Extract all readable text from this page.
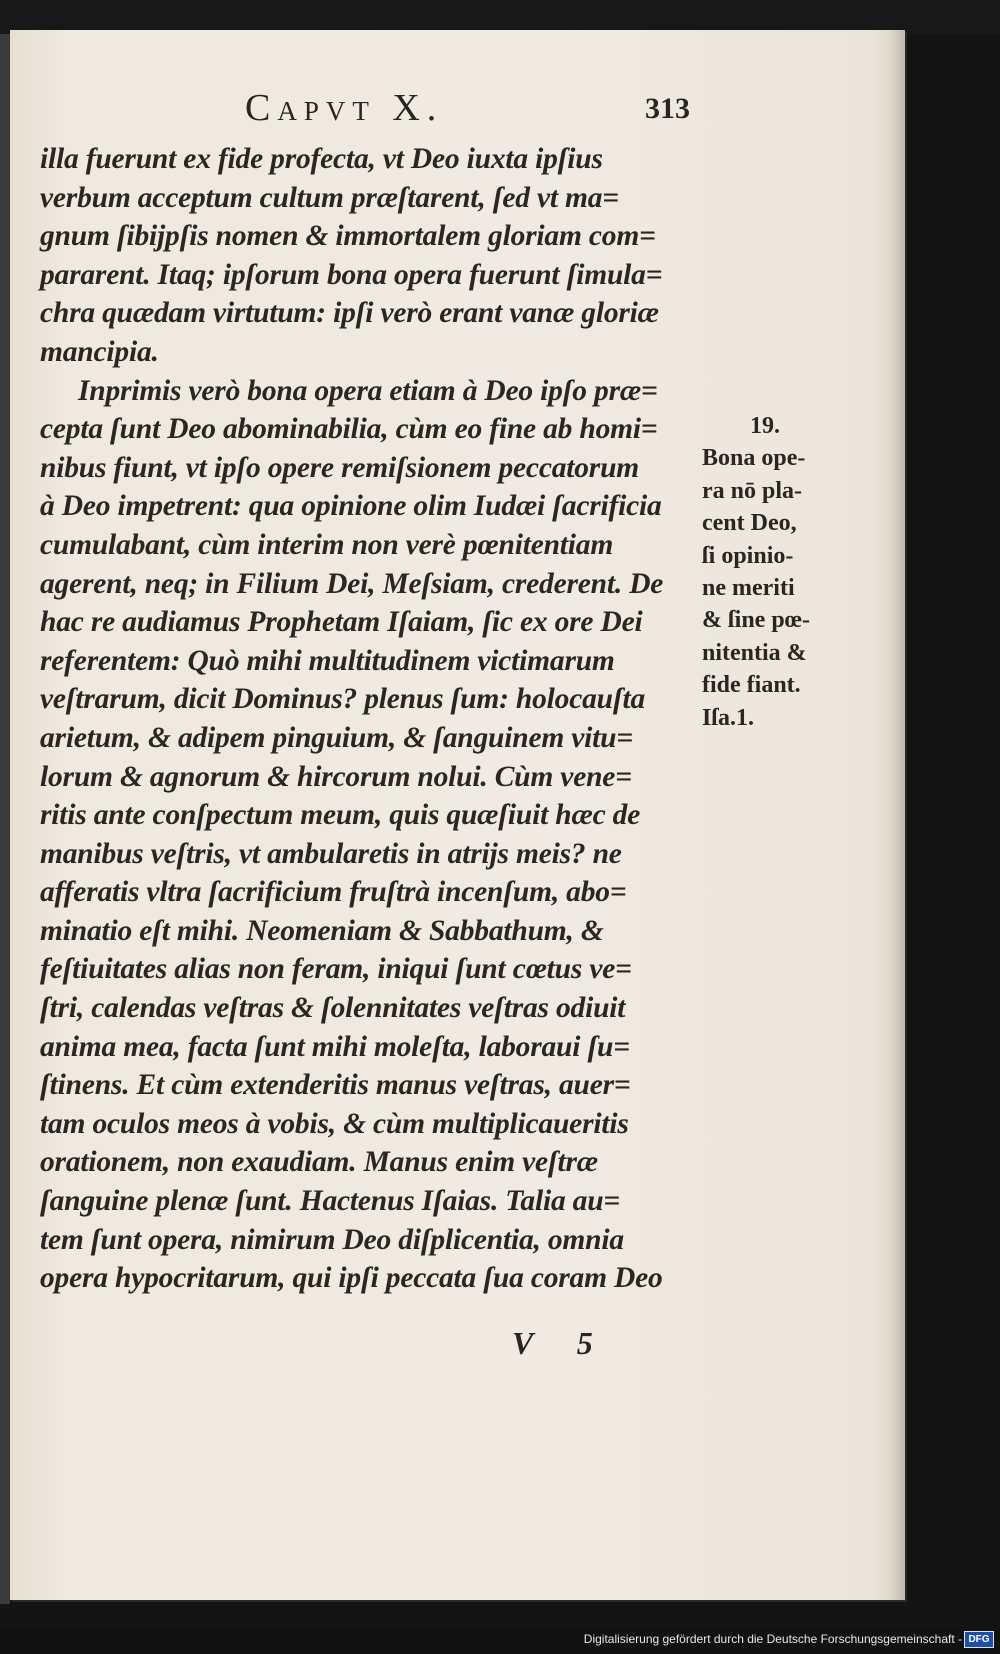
Capvt X.	313
illa fuerunt ex fide profecta, vt Deo iuxta ipſius
verbum acceptum cultum præſtarent, ſed vt ma=
gnum ſibijpſis nomen & immortalem gloriam com=
pararent. Itaq; ipſorum bona opera fuerunt ſimula=
chra quædam virtutum: ipſi verò erant vanæ gloriæ
mancipia.
Inprimis verò bona opera etiam à Deo ipſo præ=
cepta ſunt Deo abominabilia, cùm eo fine ab homi=
nibus fiunt, vt ipſo opere remiſsionem peccatorum
à Deo impetrent: qua opinione olim Iudæi ſacrificia
cumulabant, cùm interim non verè pœnitentiam
agerent, neq; in Filium Dei, Meſsiam, crederent. De
hac re audiamus Prophetam Iſaiam, ſic ex ore Dei
referentem: Quò mihi multitudinem victimarum
veſtrarum, dicit Dominus? plenus ſum: holocauſta
arietum, & adipem pinguium, & ſanguinem vitu=
lorum & agnorum & hircorum nolui. Cùm vene=
ritis ante conſpectum meum, quis quæſiuit hæc de
manibus veſtris, vt ambularetis in atrijs meis? ne
afferatis vltra ſacrificium fruſtrà incenſum, abo=
minatio eſt mihi. Neomeniam & Sabbathum, &
feſtiuitates alias non feram, iniqui ſunt cœtus ve=
ſtri, calendas veſtras & ſolennitates veſtras odiuit
anima mea, facta ſunt mihi moleſta, laboraui ſu=
ſtinens. Et cùm extenderitis manus veſtras, auer=
tam oculos meos à vobis, & cùm multiplicaueritis
orationem, non exaudiam. Manus enim veſtræ
ſanguine plenæ ſunt. Hactenus Iſaias. Talia au=
tem ſunt opera, nimirum Deo diſplicentia, omnia
opera hypocritarum, qui ipſi peccata ſua coram Deo
19.
Bona ope-
ra nō pla-
cent Deo,
ſi opinio-
ne meriti
& ſine pœ-
nitentia &
fide fiant.
Iſa.1.
V 5
Digitalisierung gefördert durch die Deutsche Forschungsgemeinschaft - DFG
